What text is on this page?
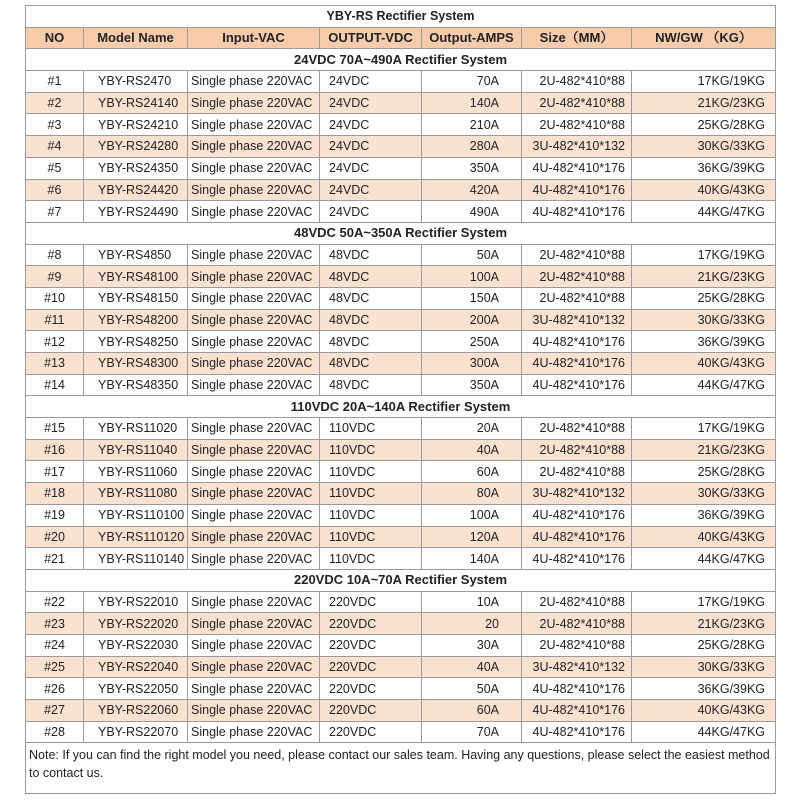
YBY-RS Rectifier System						
NO	Model Name	Input-VAC	OUTPUT-VDC	Output-AMPS	Size（MM）	NW/GW （KG）
24VDC 70A~490A Rectifier System						
#1	YBY-RS2470	Single phase 220VAC	24VDC	70A	2U-482*410*88	17KG/19KG
#2	YBY-RS24140	Single phase 220VAC	24VDC	140A	2U-482*410*88	21KG/23KG
#3	YBY-RS24210	Single phase 220VAC	24VDC	210A	2U-482*410*88	25KG/28KG
#4	YBY-RS24280	Single phase 220VAC	24VDC	280A	3U-482*410*132	30KG/33KG
#5	YBY-RS24350	Single phase 220VAC	24VDC	350A	4U-482*410*176	36KG/39KG
#6	YBY-RS24420	Single phase 220VAC	24VDC	420A	4U-482*410*176	40KG/43KG
#7	YBY-RS24490	Single phase 220VAC	24VDC	490A	4U-482*410*176	44KG/47KG
48VDC 50A~350A Rectifier System						
#8	YBY-RS4850	Single phase 220VAC	48VDC	50A	2U-482*410*88	17KG/19KG
#9	YBY-RS48100	Single phase 220VAC	48VDC	100A	2U-482*410*88	21KG/23KG
#10	YBY-RS48150	Single phase 220VAC	48VDC	150A	2U-482*410*88	25KG/28KG
#11	YBY-RS48200	Single phase 220VAC	48VDC	200A	3U-482*410*132	30KG/33KG
#12	YBY-RS48250	Single phase 220VAC	48VDC	250A	4U-482*410*176	36KG/39KG
#13	YBY-RS48300	Single phase 220VAC	48VDC	300A	4U-482*410*176	40KG/43KG
#14	YBY-RS48350	Single phase 220VAC	48VDC	350A	4U-482*410*176	44KG/47KG
110VDC 20A~140A Rectifier System						
#15	YBY-RS11020	Single phase 220VAC	110VDC	20A	2U-482*410*88	17KG/19KG
#16	YBY-RS11040	Single phase 220VAC	110VDC	40A	2U-482*410*88	21KG/23KG
#17	YBY-RS11060	Single phase 220VAC	110VDC	60A	2U-482*410*88	25KG/28KG
#18	YBY-RS11080	Single phase 220VAC	110VDC	80A	3U-482*410*132	30KG/33KG
#19	YBY-RS110100	Single phase 220VAC	110VDC	100A	4U-482*410*176	36KG/39KG
#20	YBY-RS110120	Single phase 220VAC	110VDC	120A	4U-482*410*176	40KG/43KG
#21	YBY-RS110140	Single phase 220VAC	110VDC	140A	4U-482*410*176	44KG/47KG
220VDC 10A~70A Rectifier System						
#22	YBY-RS22010	Single phase 220VAC	220VDC	10A	2U-482*410*88	17KG/19KG
#23	YBY-RS22020	Single phase 220VAC	220VDC	20	2U-482*410*88	21KG/23KG
#24	YBY-RS22030	Single phase 220VAC	220VDC	30A	2U-482*410*88	25KG/28KG
#25	YBY-RS22040	Single phase 220VAC	220VDC	40A	3U-482*410*132	30KG/33KG
#26	YBY-RS22050	Single phase 220VAC	220VDC	50A	4U-482*410*176	36KG/39KG
#27	YBY-RS22060	Single phase 220VAC	220VDC	60A	4U-482*410*176	40KG/43KG
#28	YBY-RS22070	Single phase 220VAC	220VDC	70A	4U-482*410*176	44KG/47KG
Note: If you can find the right model you need, please contact our sales team. Having any questions, please select the easiest method to contact us.						
